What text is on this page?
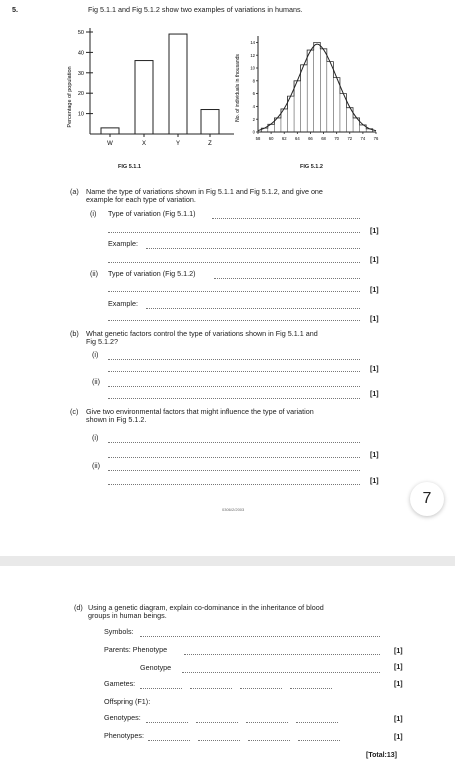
5.	Fig 5.1.1 and Fig 5.1.2 show two examples of variations in humans.
Percentage of population
50
40
30
20
10
W	X	Y	Z
FIG 5.1.1
No. of individuals in thousands
14
12
10
8
6
4
2
0
58 60 62 64 66 68 70 72 74 76
FIG 5.1.2
(a) Name the type of variations shown in Fig 5.1.1 and Fig 5.1.2, and give one
example for each type of variation.
(i) Type of variation (Fig 5.1.1)
[1]
Example:
[1]
(ii) Type of variation (Fig 5.1.2)
[1]
Example:
[1]
(b) What genetic factors control the type of variations shown in Fig 5.1.1 and
Fig 5.1.2?
(i)
[1]
(ii)
[1]
(c) Give two environmental factors that might influence the type of variation
shown in Fig 5.1.2.
(i)
[1]
(ii)
[1]
0306/2/2003
7
(d) Using a genetic diagram, explain co-dominance in the inheritance of blood
groups in human beings.
Symbols:
Parents: Phenotype	[1]
Genotype	[1]
Gametes:	[1]
Offspring (F1):
Genotypes:	[1]
Phenotypes:	[1]
[Total:13]
